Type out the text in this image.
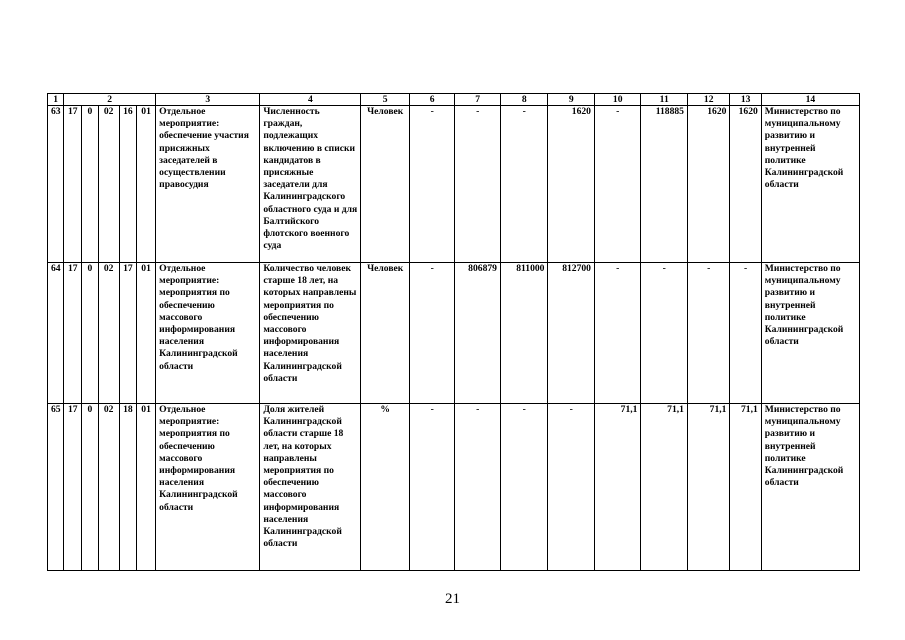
1	2					3	4	5	6	7	8	9	10	11	12	13	14
63	17	0	02	16	01	Отдельное мероприятие: обеспечение участия присяжных заседателей в осуществлении правосудия	Численность граждан, подлежащих включению в списки кандидатов в присяжные заседатели для Калининградского областного суда и для Балтийского флотского военного суда	Человек	-	-	-	1620	-	118885	1620	1620	Министерство по муниципальному развитию и внутренней политике Калининградской области
64	17	0	02	17	01	Отдельное мероприятие: мероприятия по обеспечению массового информирования населения Калининградской области	Количество человек старше 18 лет, на которых направлены мероприятия по обеспечению массового информирования населения Калининградской области	Человек	-	806879	811000	812700	-	-	-	-	Министерство по муниципальному развитию и внутренней политике Калининградской области
65	17	0	02	18	01	Отдельное мероприятие: мероприятия по обеспечению массового информирования населения Калининградской области	Доля жителей Калининградской области старше 18 лет, на которых направлены мероприятия по обеспечению массового информирования населения Калининградской области	%	-	-	-	-	71,1	71,1	71,1	71,1	Министерство по муниципальному развитию и внутренней политике Калининградской области
21
